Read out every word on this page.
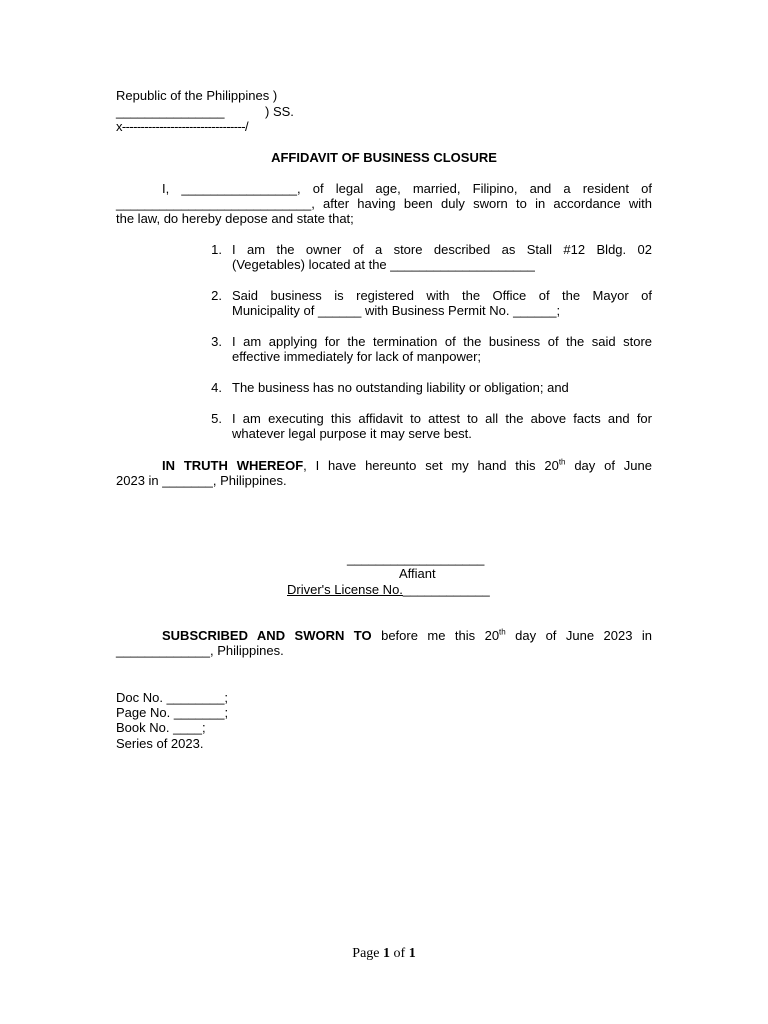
Republic of the Philippines )
_______________	) SS.
x---------------------------------/
AFFIDAVIT OF BUSINESS CLOSURE
I, ________________, of legal age, married, Filipino, and a resident of
___________________________, after having been duly sworn to in accordance with
the law, do hereby depose and state that;
1. I am the owner of a store described as Stall #12 Bldg. 02
(Vegetables) located at the ____________________
2. Said business is registered with the Office of the Mayor of
Municipality of ______ with Business Permit No. ______;
3. I am applying for the termination of the business of the said store
effective immediately for lack of manpower;
4. The business has no outstanding liability or obligation; and
5. I am executing this affidavit to attest to all the above facts and for
whatever legal purpose it may serve best.
IN TRUTH WHEREOF, I have hereunto set my hand this 20th day of June
2023 in _______, Philippines.
___________________
Affiant
Driver's License No.____________
SUBSCRIBED AND SWORN TO before me this 20th day of June 2023 in
_____________, Philippines.
Doc No. ________;
Page No. _______;
Book No. ____;
Series of 2023.
Page 1 of 1
